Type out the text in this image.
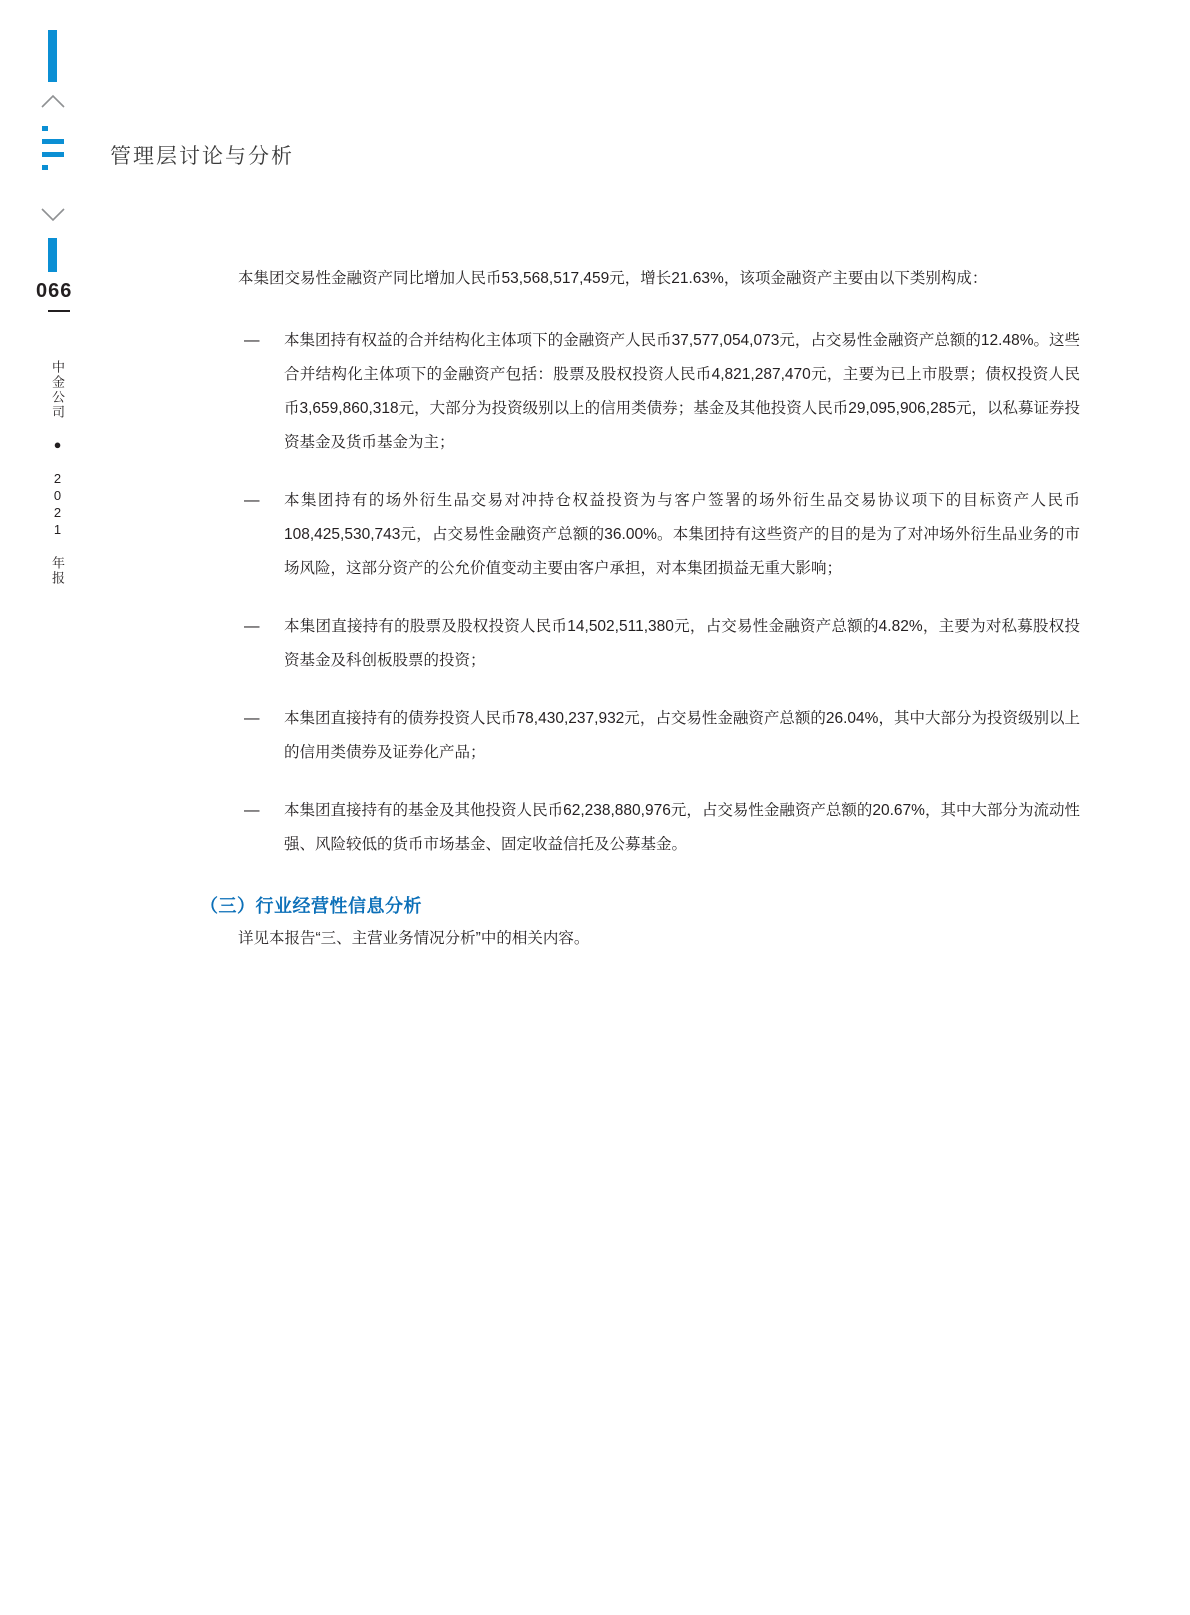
066
中金公司 ● 2021 年报
管理层讨论与分析

本集团交易性金融资产同比增加人民币53,568,517,459元，增长21.63%，该项金融资产主要由以下类别构成：

— 本集团持有权益的合并结构化主体项下的金融资产人民币37,577,054,073元，占交易性金融资产总额的12.48%。这些合并结构化主体项下的金融资产包括：股票及股权投资人民币4,821,287,470元，主要为已上市股票；债权投资人民币3,659,860,318元，大部分为投资级别以上的信用类债券；基金及其他投资人民币29,095,906,285元，以私募证券投资基金及货币基金为主；
— 本集团持有的场外衍生品交易对冲持仓权益投资为与客户签署的场外衍生品交易协议项下的目标资产人民币108,425,530,743元，占交易性金融资产总额的36.00%。本集团持有这些资产的目的是为了对冲场外衍生品业务的市场风险，这部分资产的公允价值变动主要由客户承担，对本集团损益无重大影响；
— 本集团直接持有的股票及股权投资人民币14,502,511,380元，占交易性金融资产总额的4.82%，主要为对私募股权投资基金及科创板股票的投资；
— 本集团直接持有的债券投资人民币78,430,237,932元，占交易性金融资产总额的26.04%，其中大部分为投资级别以上的信用类债券及证券化产品；
— 本集团直接持有的基金及其他投资人民币62,238,880,976元，占交易性金融资产总额的20.67%，其中大部分为流动性强、风险较低的货币市场基金、固定收益信托及公募基金。
（三）行业经营性信息分析
详见本报告“三、主营业务情况分析”中的相关内容。
